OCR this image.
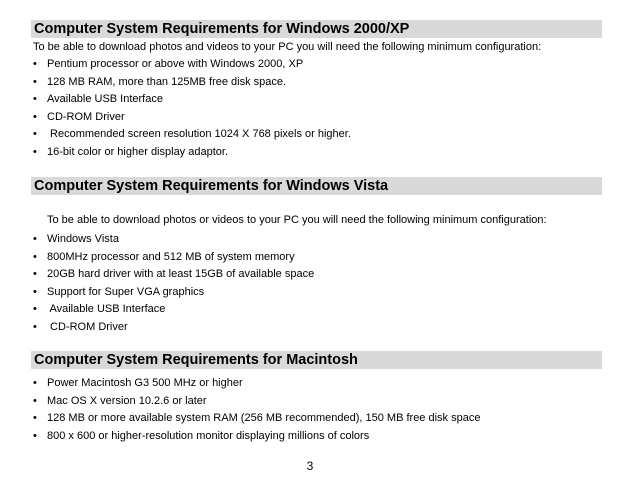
Computer System Requirements for Windows 2000/XP
To be able to download photos and videos to your PC you will need the following minimum configuration:
• Pentium processor or above with Windows 2000, XP
• 128 MB RAM, more than 125MB free disk space.
• Available USB Interface
• CD-ROM Driver
• Recommended screen resolution 1024 X 768 pixels or higher.
• 16-bit color or higher display adaptor.
Computer System Requirements for Windows Vista
To be able to download photos or videos to your PC you will need the following minimum configuration:
• Windows Vista
• 800MHz processor and 512 MB of system memory
• 20GB hard driver with at least 15GB of available space
• Support for Super VGA graphics
• Available USB Interface
• CD-ROM Driver
Computer System Requirements for Macintosh
• Power Macintosh G3 500 MHz or higher
• Mac OS X version 10.2.6 or later
• 128 MB or more available system RAM (256 MB recommended), 150 MB free disk space
• 800 x 600 or higher-resolution monitor displaying millions of colors
3
